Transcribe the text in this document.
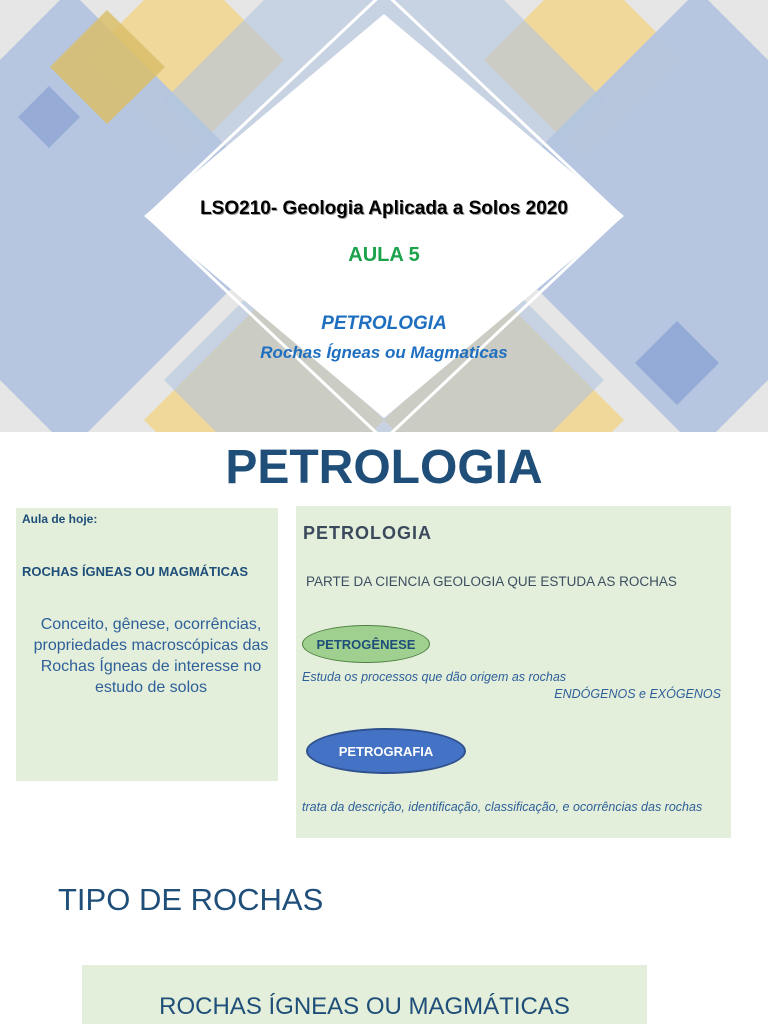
LSO210- Geologia Aplicada a Solos 2020
AULA 5
PETROLOGIA
Rochas Ígneas ou Magmaticas
PETROLOGIA
Aula de hoje:
ROCHAS ÍGNEAS OU MAGMÁTICAS
Conceito, gênese, ocorrências, propriedades macroscópicas das Rochas Ígneas de interesse no estudo de solos
PETROLOGIA
PARTE DA CIENCIA GEOLOGIA QUE ESTUDA AS ROCHAS
PETROGÊNESE
Estuda os processos que dão origem as rochas
ENDÓGENOS e EXÓGENOS
PETROGRAFIA
trata da descrição, identificação, classificação, e ocorrências das rochas
TIPO DE ROCHAS
ROCHAS ÍGNEAS OU MAGMÁTICAS
